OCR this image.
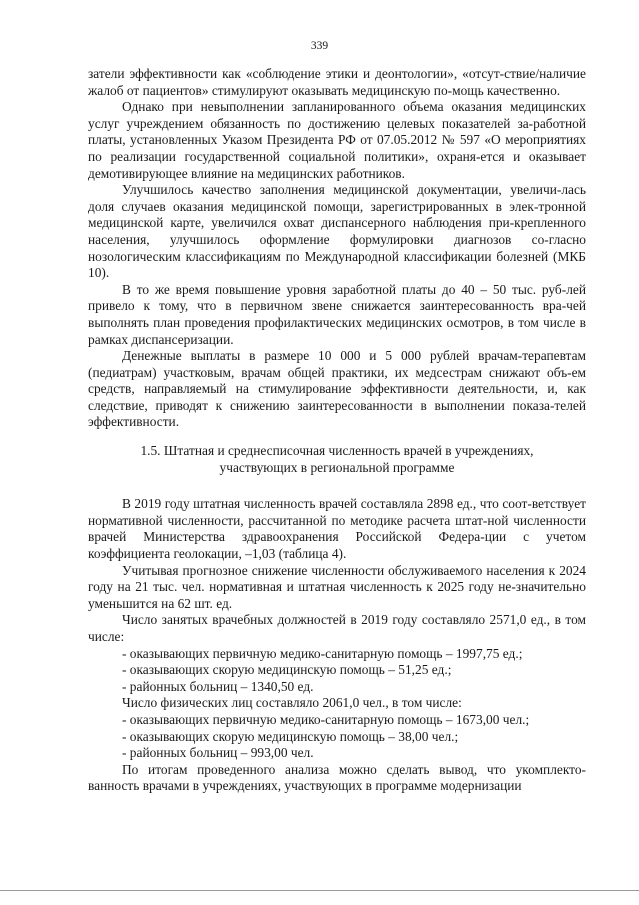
339

затели эффективности как «соблюдение этики и деонтологии», «отсут-ствие/наличие жалоб от пациентов» стимулируют оказывать медицинскую по-мощь качественно.

Однако при невыполнении запланированного объема оказания медицинских услуг учреждением обязанность по достижению целевых показателей за-работной платы, установленных Указом Президента РФ от 07.05.2012 № 597 «О мероприятиях по реализации государственной социальной политики», охраня-ется и оказывает демотивирующее влияние на медицинских работников.

Улучшилось качество заполнения медицинской документации, увеличи-лась доля случаев оказания медицинской помощи, зарегистрированных в элек-тронной медицинской карте, увеличился охват диспансерного наблюдения при-крепленного населения, улучшилось оформление формулировки диагнозов со-гласно нозологическим классификациям по Международной классификации болезней (МКБ 10).

В то же время повышение уровня заработной платы до 40 – 50 тыс. руб-лей привело к тому, что в первичном звене снижается заинтересованность вра-чей выполнять план проведения профилактических медицинских осмотров, в том числе в рамках диспансеризации.

Денежные выплаты в размере 10 000 и 5 000 рублей врачам-терапевтам (педиатрам) участковым, врачам общей практики, их медсестрам снижают объ-ем средств, направляемый на стимулирование эффективности деятельности, и, как следствие, приводят к снижению заинтересованности в выполнении показа-телей эффективности.

1.5. Штатная и среднесписочная численность врачей в учреждениях, участвующих в региональной программе

В 2019 году штатная численность врачей составляла 2898 ед., что соот-ветствует нормативной численности, рассчитанной по методике расчета штат-ной численности врачей Министерства здравоохранения Российской Федера-ции с учетом коэффициента геолокации, –1,03 (таблица 4).

Учитывая прогнозное снижение численности обслуживаемого населения к 2024 году на 21 тыс. чел. нормативная и штатная численность к 2025 году не-значительно уменьшится на 62 шт. ед.

Число занятых врачебных должностей в 2019 году составляло 2571,0 ед., в том числе:

- оказывающих первичную медико-санитарную помощь – 1997,75 ед.;

- оказывающих скорую медицинскую помощь – 51,25 ед.;

- районных больниц – 1340,50 ед.

Число физических лиц составляло 2061,0 чел., в том числе:

- оказывающих первичную медико-санитарную помощь – 1673,00 чел.;

- оказывающих скорую медицинскую помощь – 38,00 чел.;

- районных больниц – 993,00 чел.

По итогам проведенного анализа можно сделать вывод, что укомплекто-ванность врачами в учреждениях, участвующих в программе модернизации
